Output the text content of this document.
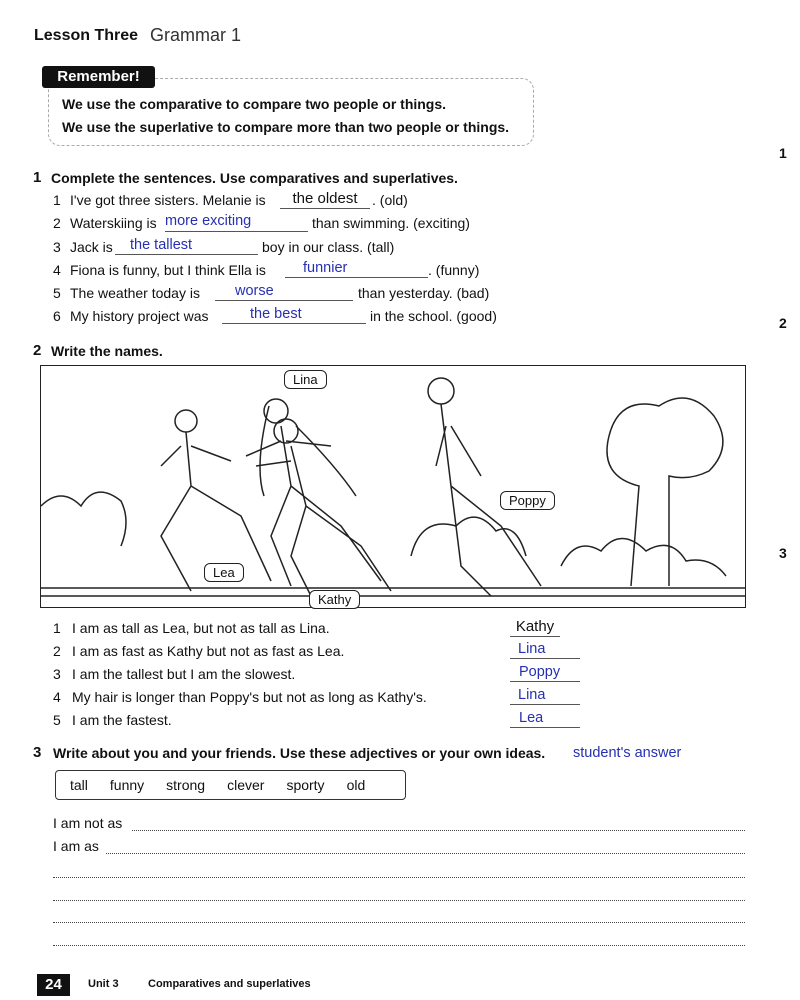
Lesson Three Grammar 1
Remember!
We use the comparative to compare two people or things.
We use the superlative to compare more than two people or things.
1
2
3
1 Complete the sentences. Use comparatives and superlatives.
1 I've got three sisters. Melanie is	the oldest	. (old)
2 Waterskiing is more exciting	than swimming. (exciting)
3 Jack is	the tallest	boy in our class. (tall)
4 Fiona is funny, but I think Ella is	funnier	. (funny)
5 The weather today is	worse	than yesterday. (bad)
6 My history project was	the best	in the school. (good)
2 Write the names.
Lina
Poppy
Lea
Kathy
1 I am as tall as Lea, but not as tall as Lina.	Kathy
2 I am as fast as Kathy but not as fast as Lea.	Lina
3 I am the tallest but I am the slowest.	Poppy
4 My hair is longer than Poppy's but not as long as Kathy's.	Lina
5 I am the fastest.	Lea
3 Write about you and your friends. Use these adjectives or your own ideas. student's answer
tall funny strong clever sporty old
I am not as
I am as
24	Unit 3	Comparatives and superlatives
